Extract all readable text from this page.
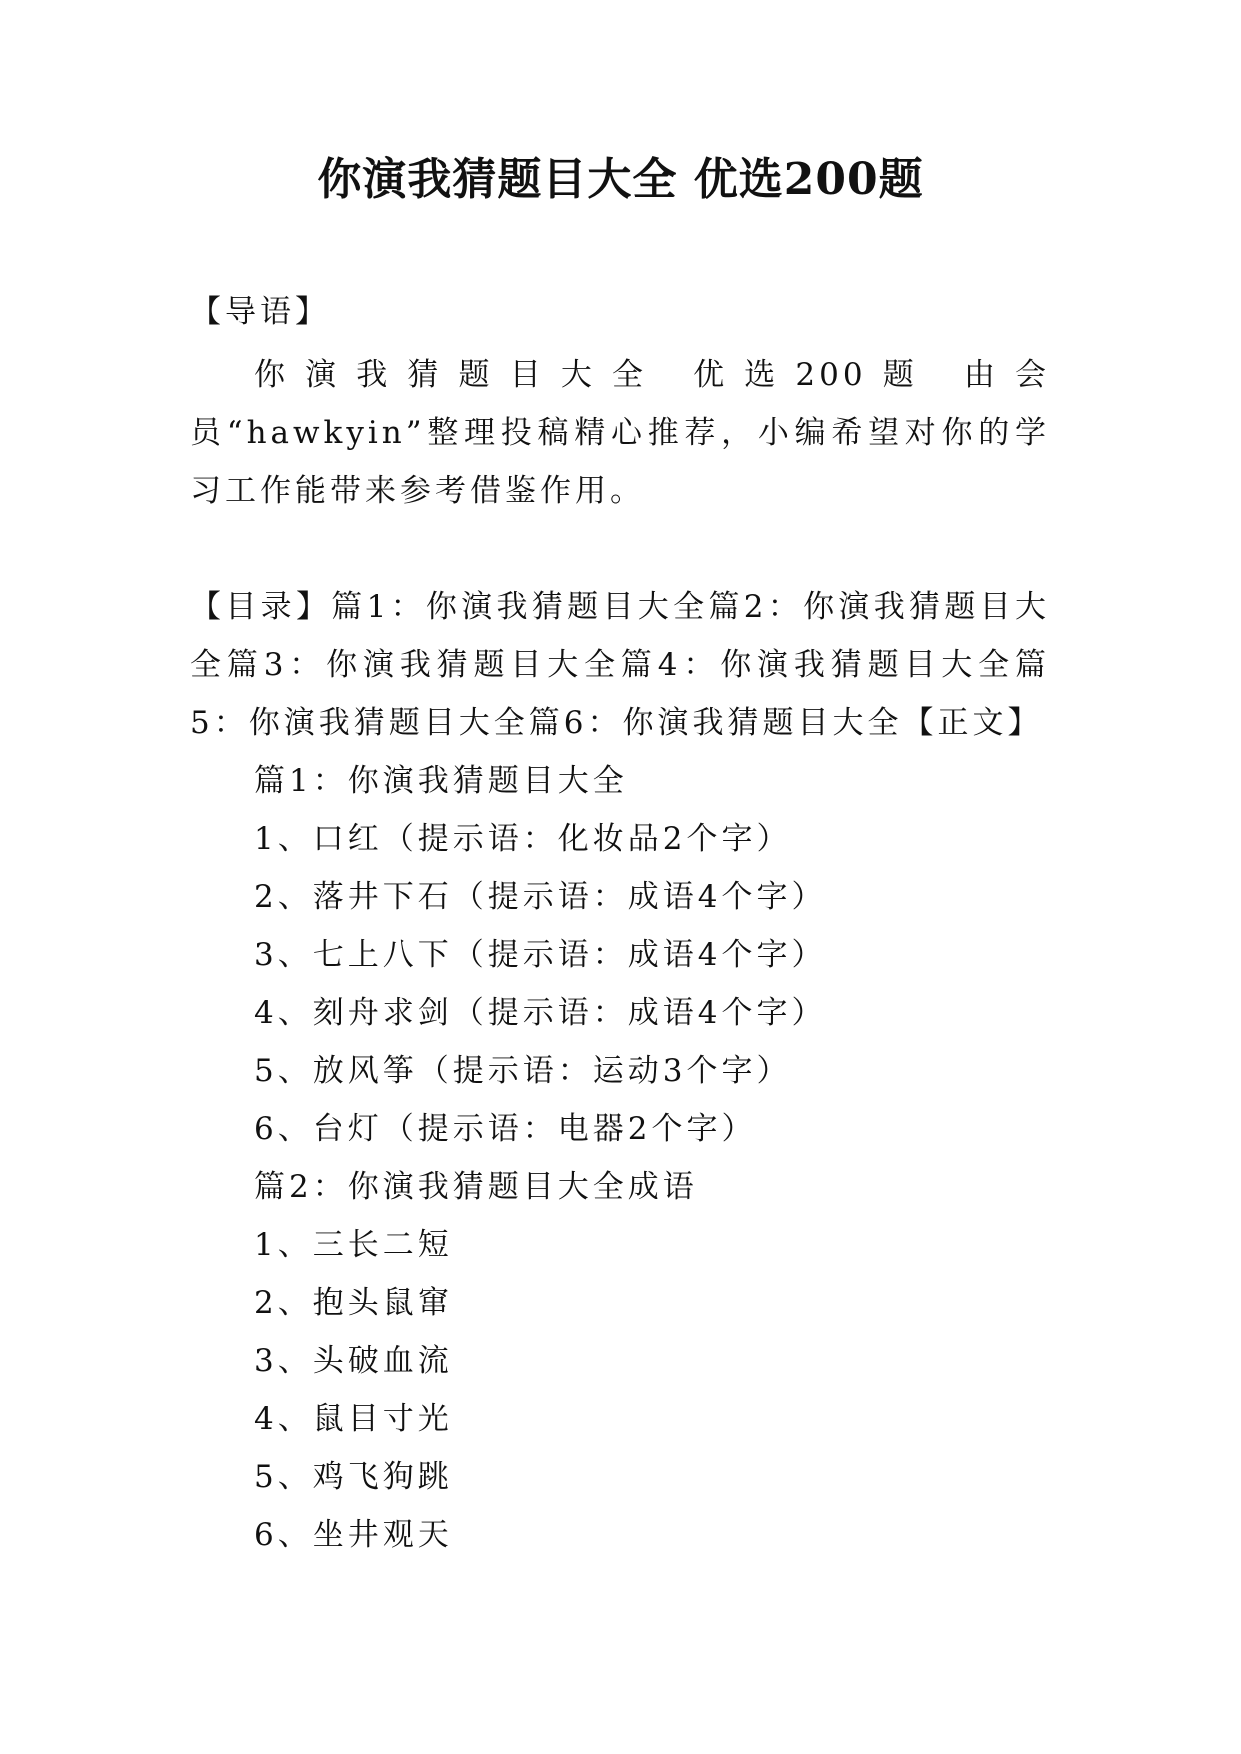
你演我猜题目大全 优选200题
【导语】
你演我猜题目大全 优选200题 由会员“hawkyin”整理投稿精心推荐，小编希望对你的学习工作能带来参考借鉴作用。
【目录】篇1：你演我猜题目大全篇2：你演我猜题目大全篇3：你演我猜题目大全篇4：你演我猜题目大全篇5：你演我猜题目大全篇6：你演我猜题目大全【正文】
篇1：你演我猜题目大全
1、口红（提示语：化妆品2个字）
2、落井下石（提示语：成语4个字）
3、七上八下（提示语：成语4个字）
4、刻舟求剑（提示语：成语4个字）
5、放风筝（提示语：运动3个字）
6、台灯（提示语：电器2个字）
篇2：你演我猜题目大全成语
1、三长二短
2、抱头鼠窜
3、头破血流
4、鼠目寸光
5、鸡飞狗跳
6、坐井观天
